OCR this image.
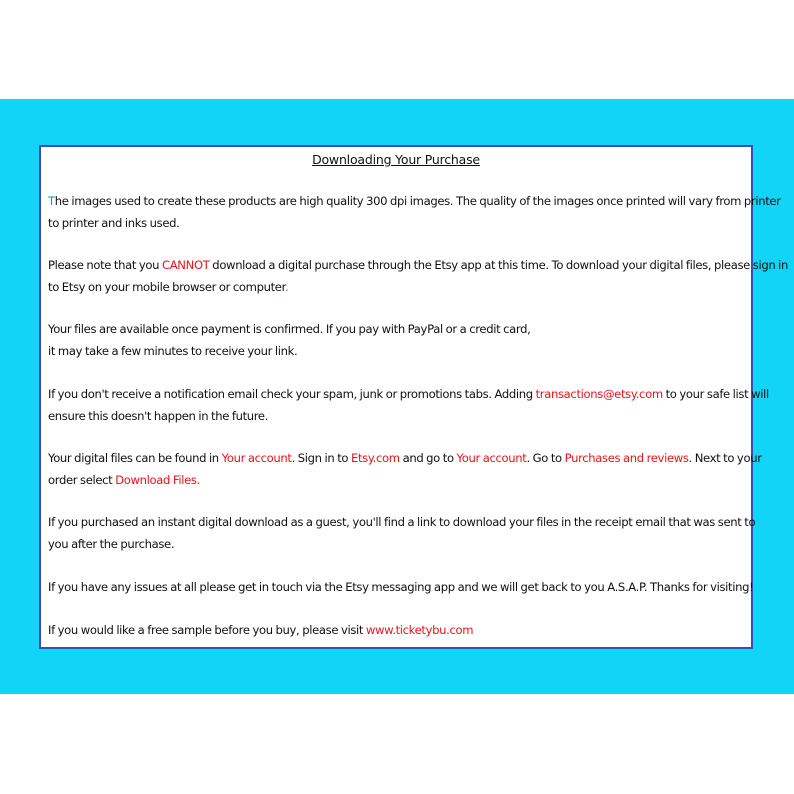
Downloading Your Purchase
The images used to create these products are high quality 300 dpi images. The quality of the images once printed will vary from printer
to printer and inks used.
Please note that you CANNOT download a digital purchase through the Etsy app at this time. To download your digital files, please sign in
to Etsy on your mobile browser or computer.
Your files are available once payment is confirmed. If you pay with PayPal or a credit card,
it may take a few minutes to receive your link.
If you don't receive a notification email check your spam, junk or promotions tabs. Adding transactions@etsy.com to your safe list will
ensure this doesn't happen in the future.
Your digital files can be found in Your account. Sign in to Etsy.com and go to Your account. Go to Purchases and reviews. Next to your
order select Download Files.
If you purchased an instant digital download as a guest, you'll find a link to download your files in the receipt email that was sent to
you after the purchase.
If you have any issues at all please get in touch via the Etsy messaging app and we will get back to you A.S.A.P. Thanks for visiting!
If you would like a free sample before you buy, please visit www.ticketybu.com
